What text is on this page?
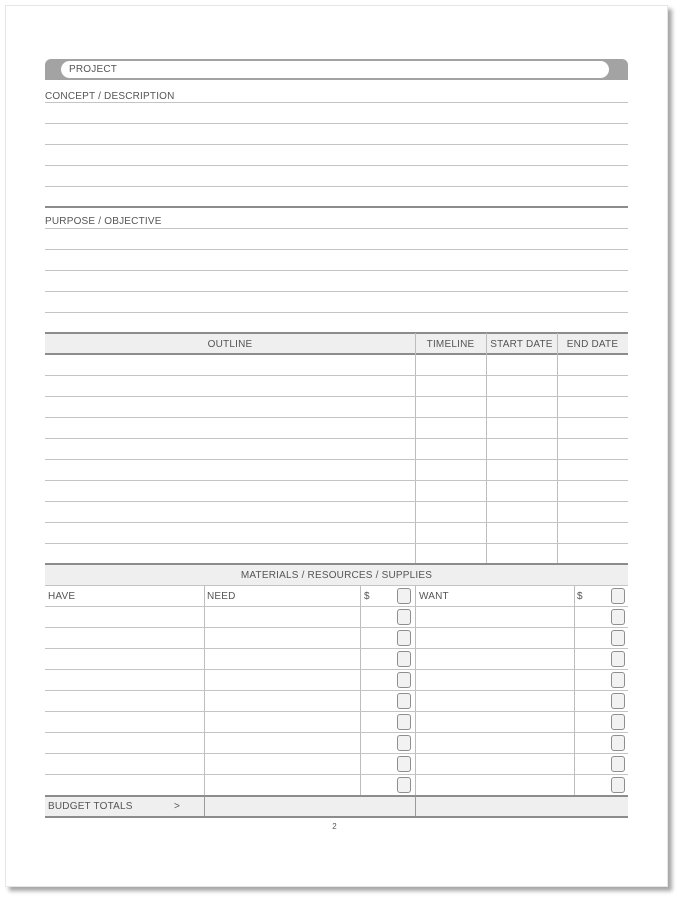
PROJECT
CONCEPT / DESCRIPTION
PURPOSE / OBJECTIVE
OUTLINE	TIMELINE	START DATE	END DATE
MATERIALS / RESOURCES / SUPPLIES
HAVE	NEED	$	WANT	$
BUDGET TOTALS	>
2
